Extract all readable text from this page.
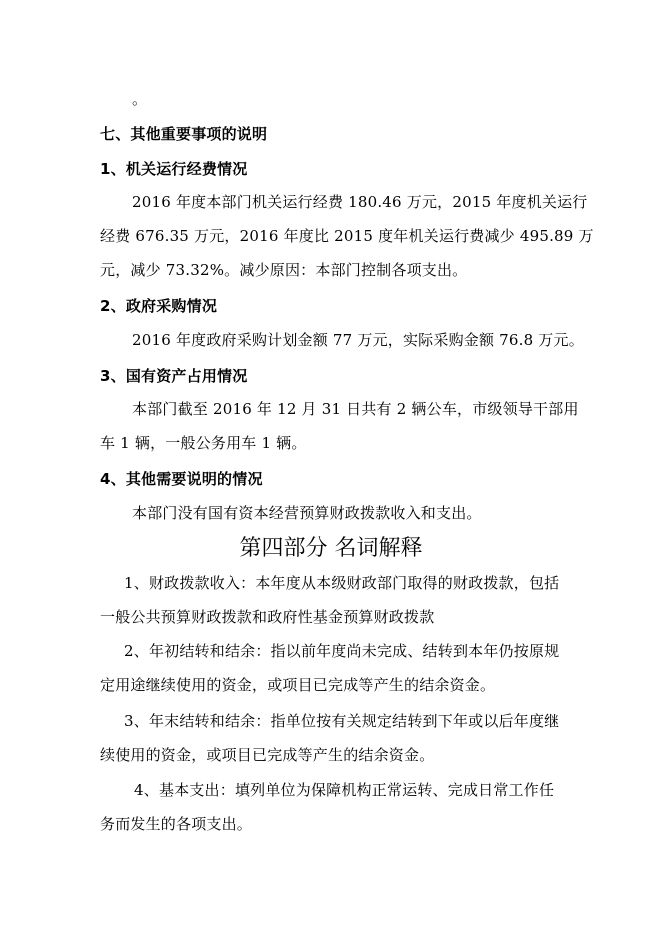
。
七、其他重要事项的说明
1、机关运行经费情况
2016 年度本部门机关运行经费 180.46 万元，2015 年度机关运行
经费 676.35 万元，2016 年度比 2015 度年机关运行费减少 495.89 万
元，减少 73.32%。减少原因：本部门控制各项支出。
2、政府采购情况
2016 年度政府采购计划金额 77 万元，实际采购金额 76.8 万元。
3、国有资产占用情况
本部门截至 2016 年 12 月 31 日共有 2 辆公车，市级领导干部用
车 1 辆，一般公务用车 1 辆。
4、其他需要说明的情况
本部门没有国有资本经营预算财政拨款收入和支出。
第四部分 名词解释
1、财政拨款收入：本年度从本级财政部门取得的财政拨款，包括
一般公共预算财政拨款和政府性基金预算财政拨款
2、年初结转和结余：指以前年度尚未完成、结转到本年仍按原规
定用途继续使用的资金，或项目已完成等产生的结余资金。
3、年末结转和结余：指单位按有关规定结转到下年或以后年度继
续使用的资金，或项目已完成等产生的结余资金。
4、基本支出：填列单位为保障机构正常运转、完成日常工作任
务而发生的各项支出。
